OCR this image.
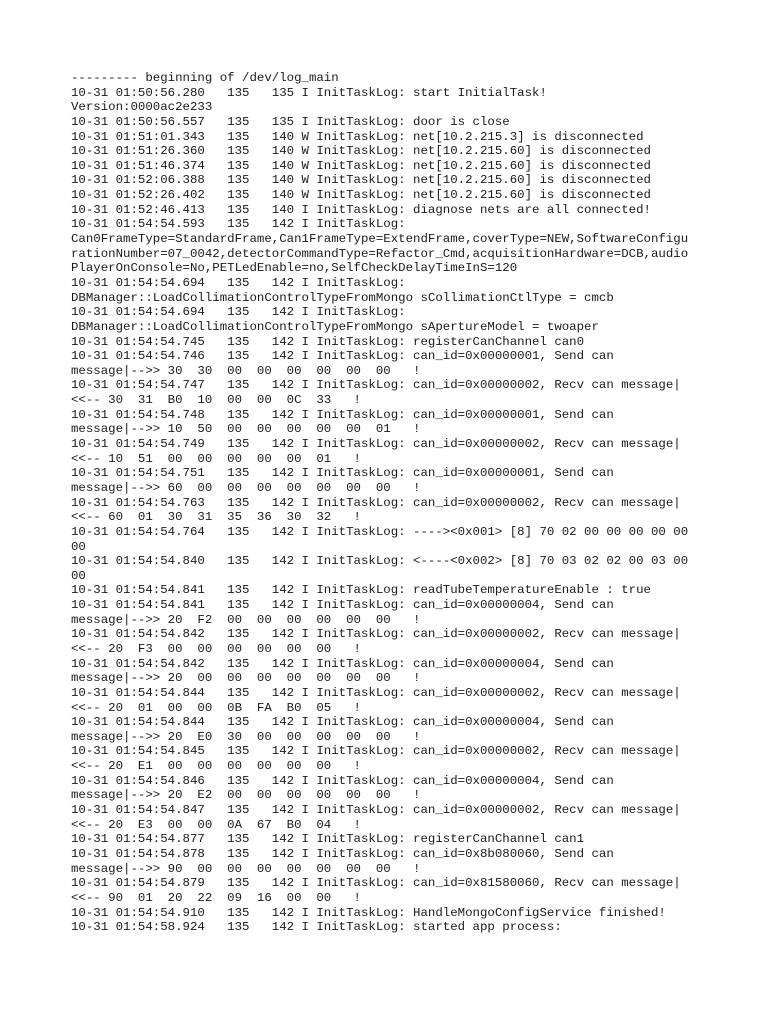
--------- beginning of /dev/log_main
10-31 01:50:56.280   135   135 I InitTaskLog: start InitialTask!
Version:0000ac2e233
10-31 01:50:56.557   135   135 I InitTaskLog: door is close
10-31 01:51:01.343   135   140 W InitTaskLog: net[10.2.215.3] is disconnected
10-31 01:51:26.360   135   140 W InitTaskLog: net[10.2.215.60] is disconnected
10-31 01:51:46.374   135   140 W InitTaskLog: net[10.2.215.60] is disconnected
10-31 01:52:06.388   135   140 W InitTaskLog: net[10.2.215.60] is disconnected
10-31 01:52:26.402   135   140 W InitTaskLog: net[10.2.215.60] is disconnected
10-31 01:52:46.413   135   140 I InitTaskLog: diagnose nets are all connected!
10-31 01:54:54.593   135   142 I InitTaskLog:
Can0FrameType=StandardFrame,Can1FrameType=ExtendFrame,coverType=NEW,SoftwareConfigu
rationNumber=07_0042,detectorCommandType=Refactor_Cmd,acquisitionHardware=DCB,audio
PlayerOnConsole=No,PETLedEnable=no,SelfCheckDelayTimeInS=120
10-31 01:54:54.694   135   142 I InitTaskLog:
DBManager::LoadCollimationControlTypeFromMongo sCollimationCtlType = cmcb
10-31 01:54:54.694   135   142 I InitTaskLog:
DBManager::LoadCollimationControlTypeFromMongo sApertureModel = twoaper
10-31 01:54:54.745   135   142 I InitTaskLog: registerCanChannel can0
10-31 01:54:54.746   135   142 I InitTaskLog: can_id=0x00000001, Send can
message|-->> 30  30  00  00  00  00  00  00   !
10-31 01:54:54.747   135   142 I InitTaskLog: can_id=0x00000002, Recv can message|
<<-- 30  31  B0  10  00  00  0C  33   !
10-31 01:54:54.748   135   142 I InitTaskLog: can_id=0x00000001, Send can
message|-->> 10  50  00  00  00  00  00  01   !
10-31 01:54:54.749   135   142 I InitTaskLog: can_id=0x00000002, Recv can message|
<<-- 10  51  00  00  00  00  00  01   !
10-31 01:54:54.751   135   142 I InitTaskLog: can_id=0x00000001, Send can
message|-->> 60  00  00  00  00  00  00  00   !
10-31 01:54:54.763   135   142 I InitTaskLog: can_id=0x00000002, Recv can message|
<<-- 60  01  30  31  35  36  30  32   !
10-31 01:54:54.764   135   142 I InitTaskLog: ----><0x001> [8] 70 02 00 00 00 00 00
00
10-31 01:54:54.840   135   142 I InitTaskLog: <----<0x002> [8] 70 03 02 02 00 03 00
00
10-31 01:54:54.841   135   142 I InitTaskLog: readTubeTemperatureEnable : true
10-31 01:54:54.841   135   142 I InitTaskLog: can_id=0x00000004, Send can
message|-->> 20  F2  00  00  00  00  00  00   !
10-31 01:54:54.842   135   142 I InitTaskLog: can_id=0x00000002, Recv can message|
<<-- 20  F3  00  00  00  00  00  00   !
10-31 01:54:54.842   135   142 I InitTaskLog: can_id=0x00000004, Send can
message|-->> 20  00  00  00  00  00  00  00   !
10-31 01:54:54.844   135   142 I InitTaskLog: can_id=0x00000002, Recv can message|
<<-- 20  01  00  00  0B  FA  B0  05   !
10-31 01:54:54.844   135   142 I InitTaskLog: can_id=0x00000004, Send can
message|-->> 20  E0  30  00  00  00  00  00   !
10-31 01:54:54.845   135   142 I InitTaskLog: can_id=0x00000002, Recv can message|
<<-- 20  E1  00  00  00  00  00  00   !
10-31 01:54:54.846   135   142 I InitTaskLog: can_id=0x00000004, Send can
message|-->> 20  E2  00  00  00  00  00  00   !
10-31 01:54:54.847   135   142 I InitTaskLog: can_id=0x00000002, Recv can message|
<<-- 20  E3  00  00  0A  67  B0  04   !
10-31 01:54:54.877   135   142 I InitTaskLog: registerCanChannel can1
10-31 01:54:54.878   135   142 I InitTaskLog: can_id=0x8b080060, Send can
message|-->> 90  00  00  00  00  00  00  00   !
10-31 01:54:54.879   135   142 I InitTaskLog: can_id=0x81580060, Recv can message|
<<-- 90  01  20  22  09  16  00  00   !
10-31 01:54:54.910   135   142 I InitTaskLog: HandleMongoConfigService finished!
10-31 01:54:58.924   135   142 I InitTaskLog: started app process:
